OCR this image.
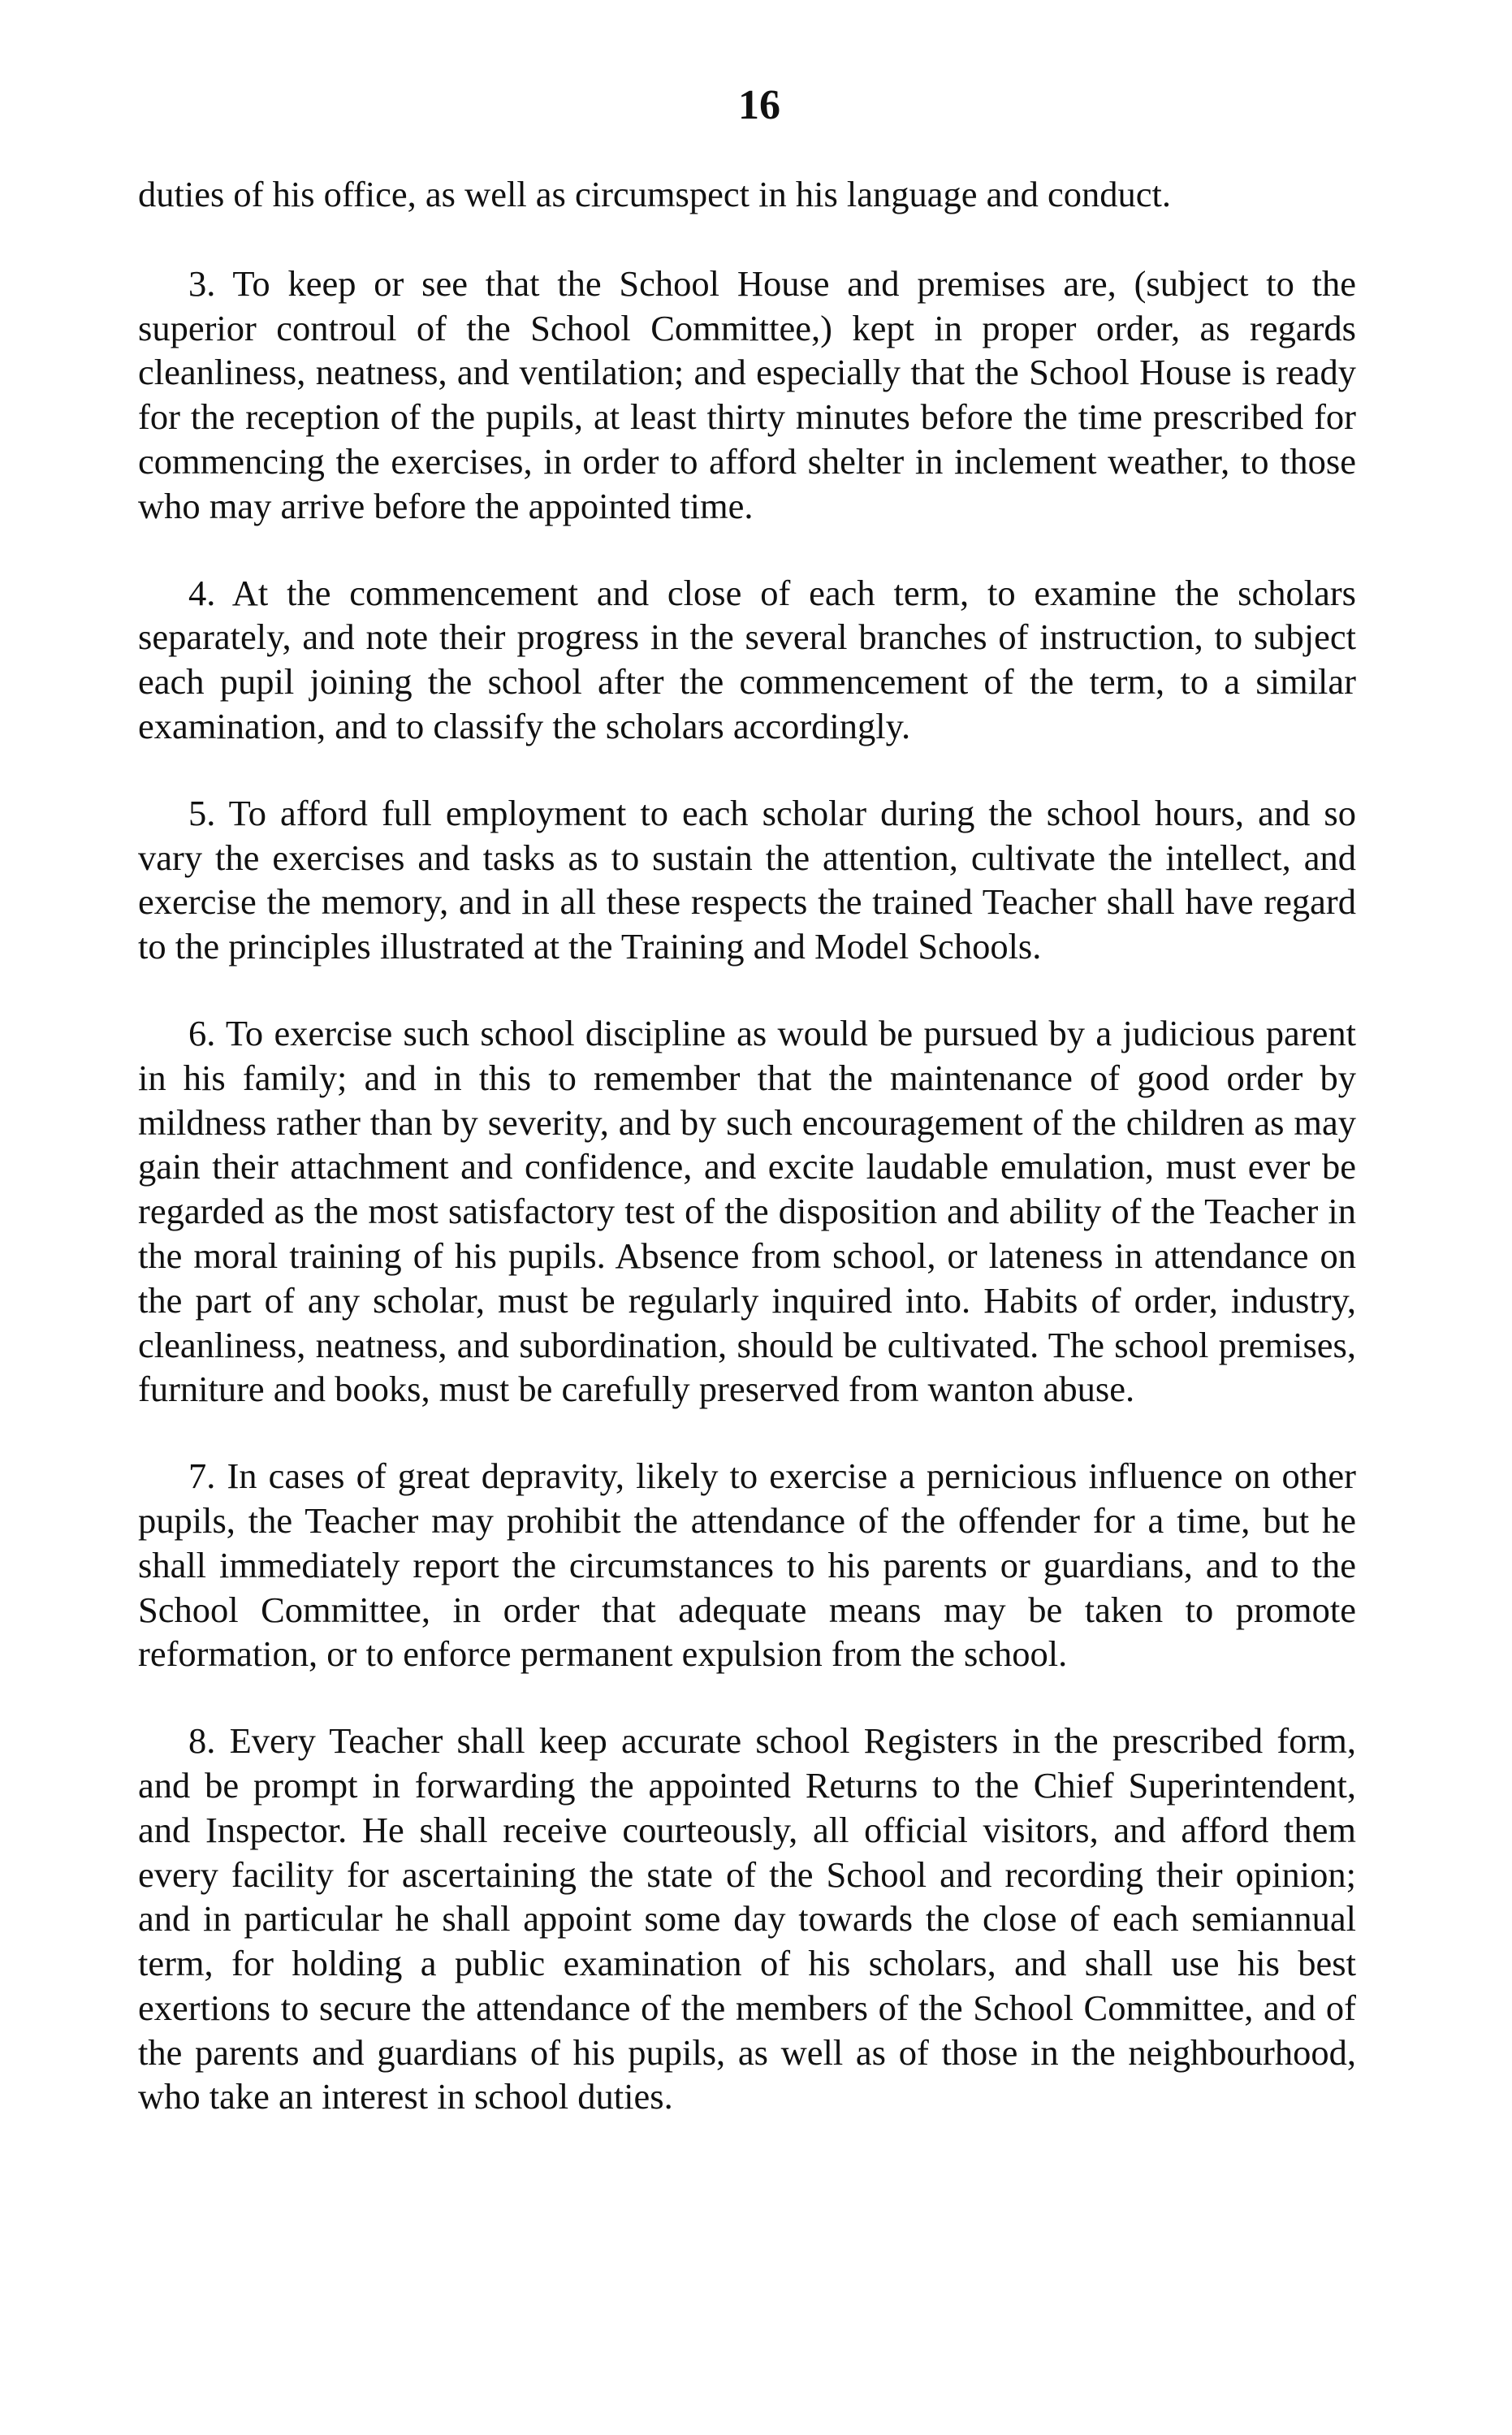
16

duties of his office, as well as circumspect in his language and conduct.

3. To keep or see that the School House and premises are, (subject to the superior controul of the School Committee,) kept in proper order, as regards cleanliness, neatness, and ventilation; and especially that the School House is ready for the reception of the pupils, at least thirty minutes before the time prescribed for commencing the exercises, in order to afford shelter in inclement weather, to those who may arrive before the appointed time.

4. At the commencement and close of each term, to examine the scholars separately, and note their progress in the several branches of instruction, to subject each pupil joining the school after the commencement of the term, to a similar examination, and to classify the scholars accordingly.

5. To afford full employment to each scholar during the school hours, and so vary the exercises and tasks as to sustain the attention, cultivate the intellect, and exercise the memory, and in all these respects the trained Teacher shall have regard to the principles illustrated at the Training and Model Schools.

6. To exercise such school discipline as would be pursued by a judicious parent in his family; and in this to remember that the maintenance of good order by mildness rather than by severity, and by such encouragement of the children as may gain their attachment and confidence, and excite laudable emulation, must ever be regarded as the most satisfactory test of the disposition and ability of the Teacher in the moral training of his pupils. Absence from school, or lateness in attendance on the part of any scholar, must be regularly inquired into. Habits of order, industry, cleanliness, neatness, and subordination, should be cultivated. The school premises, furniture and books, must be carefully preserved from wanton abuse.

7. In cases of great depravity, likely to exercise a pernicious influence on other pupils, the Teacher may prohibit the attendance of the offender for a time, but he shall immediately report the circumstances to his parents or guardians, and to the School Committee, in order that adequate means may be taken to promote reformation, or to enforce permanent expulsion from the school.

8. Every Teacher shall keep accurate school Registers in the prescribed form, and be prompt in forwarding the appointed Returns to the Chief Superintendent, and Inspector. He shall receive courteously, all official visitors, and afford them every facility for ascertaining the state of the School and recording their opinion; and in particular he shall appoint some day towards the close of each semiannual term, for holding a public examination of his scholars, and shall use his best exertions to secure the attendance of the members of the School Committee, and of the parents and guardians of his pupils, as well as of those in the neighbourhood, who take an interest in school duties.
